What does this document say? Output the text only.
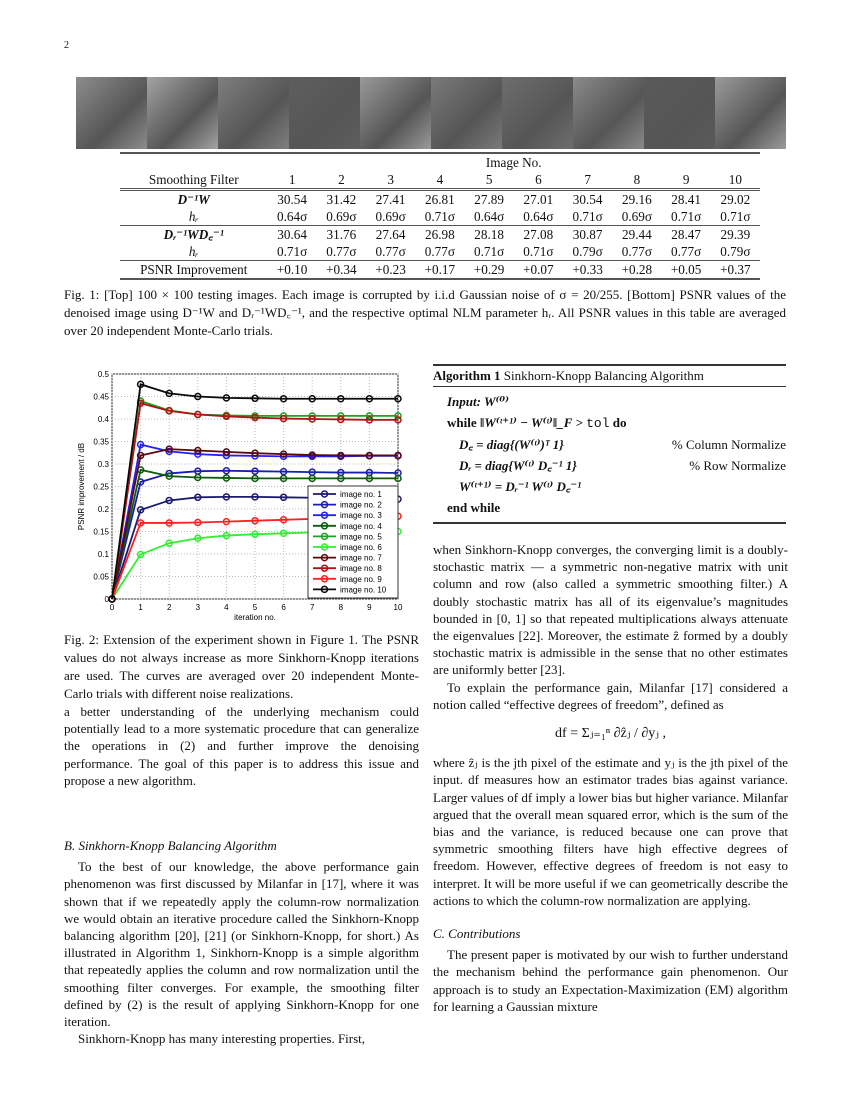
2
	Image No.									
Smoothing Filter	1	2	3	4	5	6	7	8	9	10
D⁻¹W	30.54	31.42	27.41	26.81	27.89	27.01	30.54	29.16	28.41	29.02
hᵣ	0.64σ	0.69σ	0.69σ	0.71σ	0.64σ	0.64σ	0.71σ	0.69σ	0.71σ	0.71σ
Dᵣ⁻¹WD꜀⁻¹	30.64	31.76	27.64	26.98	28.18	27.08	30.87	29.44	28.47	29.39
hᵣ	0.71σ	0.77σ	0.77σ	0.77σ	0.71σ	0.71σ	0.79σ	0.77σ	0.77σ	0.79σ
PSNR Improvement	+0.10	+0.34	+0.23	+0.17	+0.29	+0.07	+0.33	+0.28	+0.05	+0.37
Fig. 1: [Top] 100 × 100 testing images. Each image is corrupted by i.i.d Gaussian noise of σ = 20/255. [Bottom] PSNR values of the denoised image using D⁻¹W and Dᵣ⁻¹WD꜀⁻¹, and the respective optimal NLM parameter hᵣ. All PSNR values in this table are averaged over 20 independent Monte-Carlo trials.
0	1	2	3	4	5	6	7	8	9	10
0
0.05
0.1
0.15
0.2
0.25
0.3
0.35
0.4
0.45
0.5
iteration no.
PSNR improvement / dB	image no. 1
image no. 2
image no. 3
image no. 4
image no. 5
image no. 6
image no. 7
image no. 8
image no. 9
image no. 10
Fig. 2: Extension of the experiment shown in Figure 1. The PSNR values do not always increase as more Sinkhorn-Knopp iterations are used. The curves are averaged over 20 independent Monte-Carlo trials with different noise realizations.
Algorithm 1 Sinkhorn-Knopp Balancing Algorithm
Input: W⁽⁰⁾
while ‖W⁽ᵗ⁺¹⁾ − W⁽ᵗ⁾‖_F > tol do
D꜀ = diag{(W⁽ᵗ⁾)ᵀ 1}	% Column Normalize
Dᵣ = diag{W⁽ᵗ⁾ D꜀⁻¹ 1}	% Row Normalize
W⁽ᵗ⁺¹⁾ = Dᵣ⁻¹ W⁽ᵗ⁾ D꜀⁻¹
end while

a better understanding of the underlying mechanism could potentially lead to a more systematic procedure that can generalize the operations in (2) and further improve the denoising performance. The goal of this paper is to address this issue and propose a new algorithm.

B. Sinkhorn-Knopp Balancing Algorithm

To the best of our knowledge, the above performance gain phenomenon was first discussed by Milanfar in [17], where it was shown that if we repeatedly apply the column-row normalization we would obtain an iterative procedure called the Sinkhorn-Knopp balancing algorithm [20], [21] (or Sinkhorn-Knopp, for short.) As illustrated in Algorithm 1, Sinkhorn-Knopp is a simple algorithm that repeatedly applies the column and row normalization until the smoothing filter converges. For example, the smoothing filter defined by (2) is the result of applying Sinkhorn-Knopp for one iteration.

Sinkhorn-Knopp has many interesting properties. First,

when Sinkhorn-Knopp converges, the converging limit is a doubly-stochastic matrix — a symmetric non-negative matrix with unit column and row (also called a symmetric smoothing filter.) A doubly stochastic matrix has all of its eigenvalue’s magnitudes bounded in [0, 1] so that repeated multiplications always attenuate the eigenvalues [22]. Moreover, the estimate ẑ formed by a doubly stochastic matrix is admissible in the sense that no other estimates are uniformly better [23].

To explain the performance gain, Milanfar [17] considered a notion called “effective degrees of freedom”, defined as

df = Σⱼ₌₁ⁿ ∂ẑⱼ / ∂yⱼ ,

where ẑⱼ is the jth pixel of the estimate and yⱼ is the jth pixel of the input. df measures how an estimator trades bias against variance. Larger values of df imply a lower bias but higher variance. Milanfar argued that the overall mean squared error, which is the sum of the bias and the variance, is reduced because one can prove that symmetric smoothing filters have high effective degrees of freedom. However, effective degrees of freedom is not easy to interpret. It will be more useful if we can geometrically describe the actions to which the column-row normalization are applying.

C. Contributions

The present paper is motivated by our wish to further understand the mechanism behind the performance gain phenomenon. Our approach is to study an Expectation-Maximization (EM) algorithm for learning a Gaussian mixture
